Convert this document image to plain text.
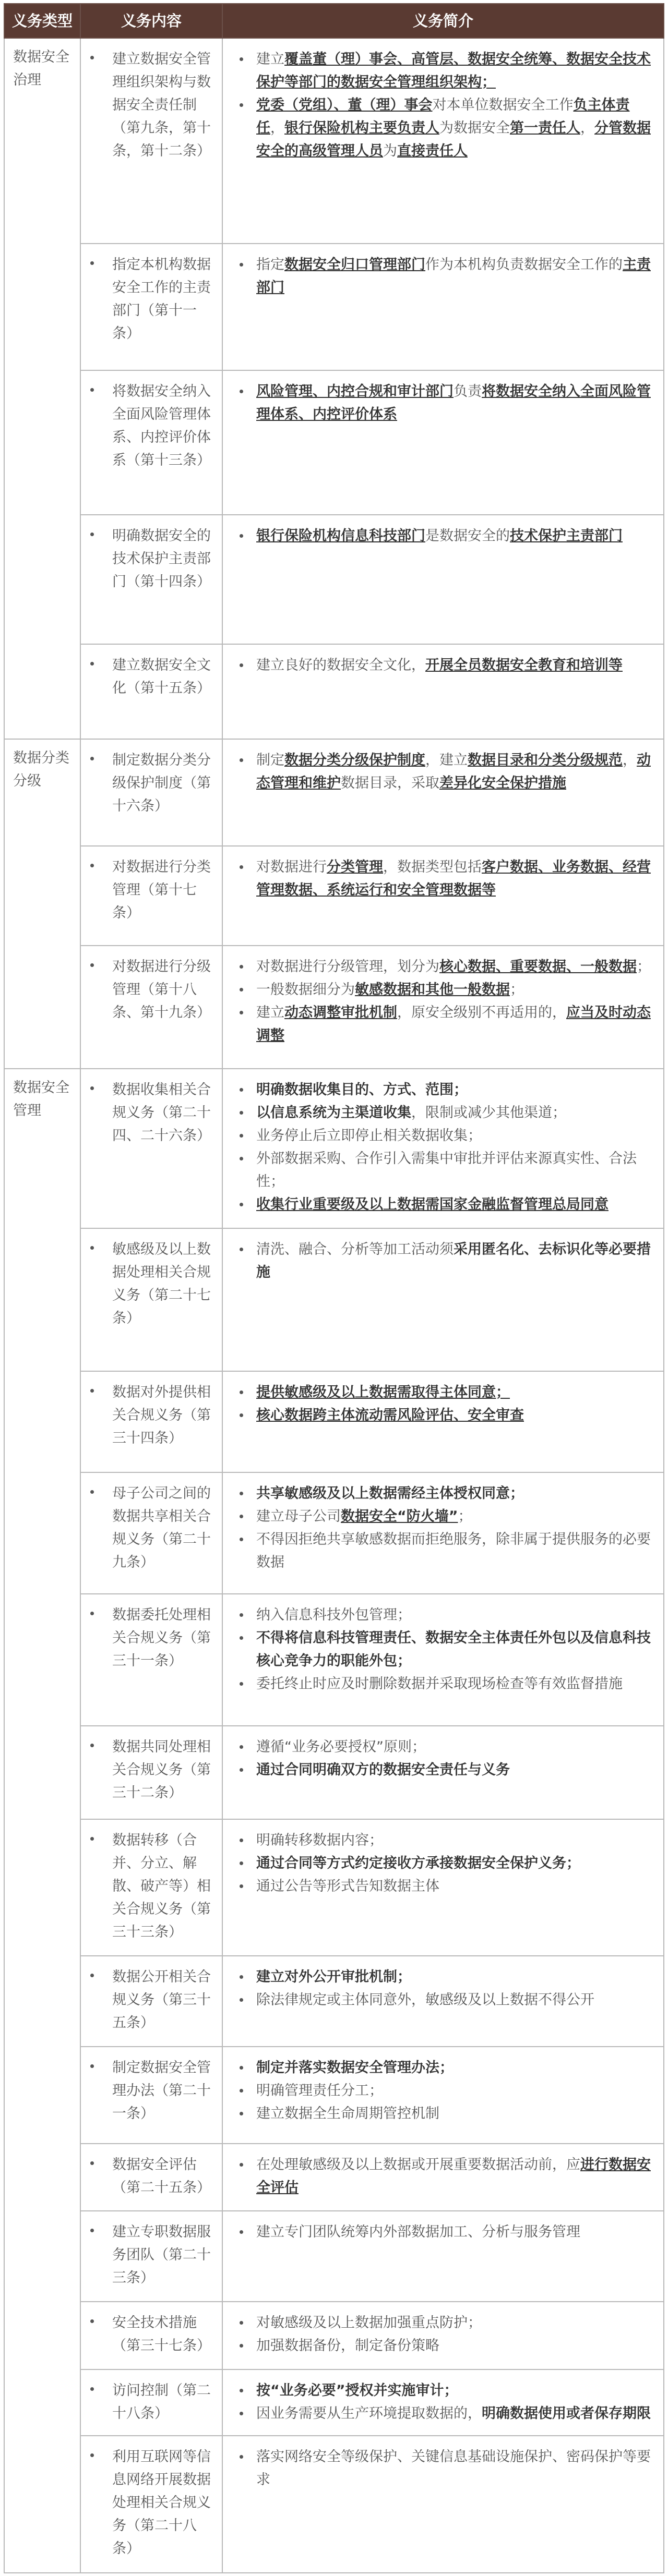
义务类型	义务内容	义务简介

数据安全治理	建立数据安全管理组织架构与数据安全责任制（第九条，第十条，第十二条）	建立覆盖董（理）事会、高管层、数据安全统筹、数据安全技术保护等部门的数据安全管理组织架构；
党委（党组）、董（理）事会对本单位数据安全工作负主体责任，银行保险机构主要负责人为数据安全第一责任人，分管数据安全的高级管理人员为直接责任人

	指定本机构数据安全工作的主责部门（第十一条）	指定数据安全归口管理部门作为本机构负责数据安全工作的主责部门

	将数据安全纳入全面风险管理体系、内控评价体系（第十三条）	风险管理、内控合规和审计部门负责将数据安全纳入全面风险管理体系、内控评价体系

	明确数据安全的技术保护主责部门（第十四条）	银行保险机构信息科技部门是数据安全的技术保护主责部门

	建立数据安全文化（第十五条）	建立良好的数据安全文化，开展全员数据安全教育和培训等

数据分类分级	制定数据分类分级保护制度（第十六条）	制定数据分类分级保护制度，建立数据目录和分类分级规范，动态管理和维护数据目录，采取差异化安全保护措施

	对数据进行分类管理（第十七条）	对数据进行分类管理，数据类型包括客户数据、业务数据、经营管理数据、系统运行和安全管理数据等

	对数据进行分级管理（第十八条、第十九条）	对数据进行分级管理，划分为核心数据、重要数据、一般数据；
一般数据细分为敏感数据和其他一般数据；
建立动态调整审批机制，原安全级别不再适用的，应当及时动态调整

数据安全管理	数据收集相关合规义务（第二十四、二十六条）	明确数据收集目的、方式、范围；
以信息系统为主渠道收集，限制或减少其他渠道；
业务停止后立即停止相关数据收集；
外部数据采购、合作引入需集中审批并评估来源真实性、合法性；
收集行业重要级及以上数据需国家金融监督管理总局同意

	敏感级及以上数据处理相关合规义务（第二十七条）	清洗、融合、分析等加工活动须采用匿名化、去标识化等必要措施

	数据对外提供相关合规义务（第三十四条）	提供敏感级及以上数据需取得主体同意；
核心数据跨主体流动需风险评估、安全审查

	母子公司之间的数据共享相关合规义务（第二十九条）	共享敏感级及以上数据需经主体授权同意；
建立母子公司数据安全“防火墙”；
不得因拒绝共享敏感数据而拒绝服务，除非属于提供服务的必要数据

	数据委托处理相关合规义务（第三十一条）	纳入信息科技外包管理；
不得将信息科技管理责任、数据安全主体责任外包以及信息科技核心竞争力的职能外包；
委托终止时应及时删除数据并采取现场检查等有效监督措施

	数据共同处理相关合规义务（第三十二条）	遵循“业务必要授权”原则；
通过合同明确双方的数据安全责任与义务

	数据转移（合并、分立、解散、破产等）相关合规义务（第三十三条）	明确转移数据内容；
通过合同等方式约定接收方承接数据安全保护义务；
通过公告等形式告知数据主体

	数据公开相关合规义务（第三十五条）	建立对外公开审批机制；
除法律规定或主体同意外，敏感级及以上数据不得公开

	制定数据安全管理办法（第二十一条）	制定并落实数据安全管理办法；
明确管理责任分工；
建立数据全生命周期管控机制

	数据安全评估（第二十五条）	在处理敏感级及以上数据或开展重要数据活动前，应进行数据安全评估

	建立专职数据服务团队（第二十三条）	建立专门团队统筹内外部数据加工、分析与服务管理

	安全技术措施（第三十七条）	对敏感级及以上数据加强重点防护；
加强数据备份，制定备份策略

	访问控制（第二十八条）	按“业务必要”授权并实施审计；
因业务需要从生产环境提取数据的，明确数据使用或者保存期限

	利用互联网等信息网络开展数据处理相关合规义务（第二十八条）	落实网络安全等级保护、关键信息基础设施保护、密码保护等要求
